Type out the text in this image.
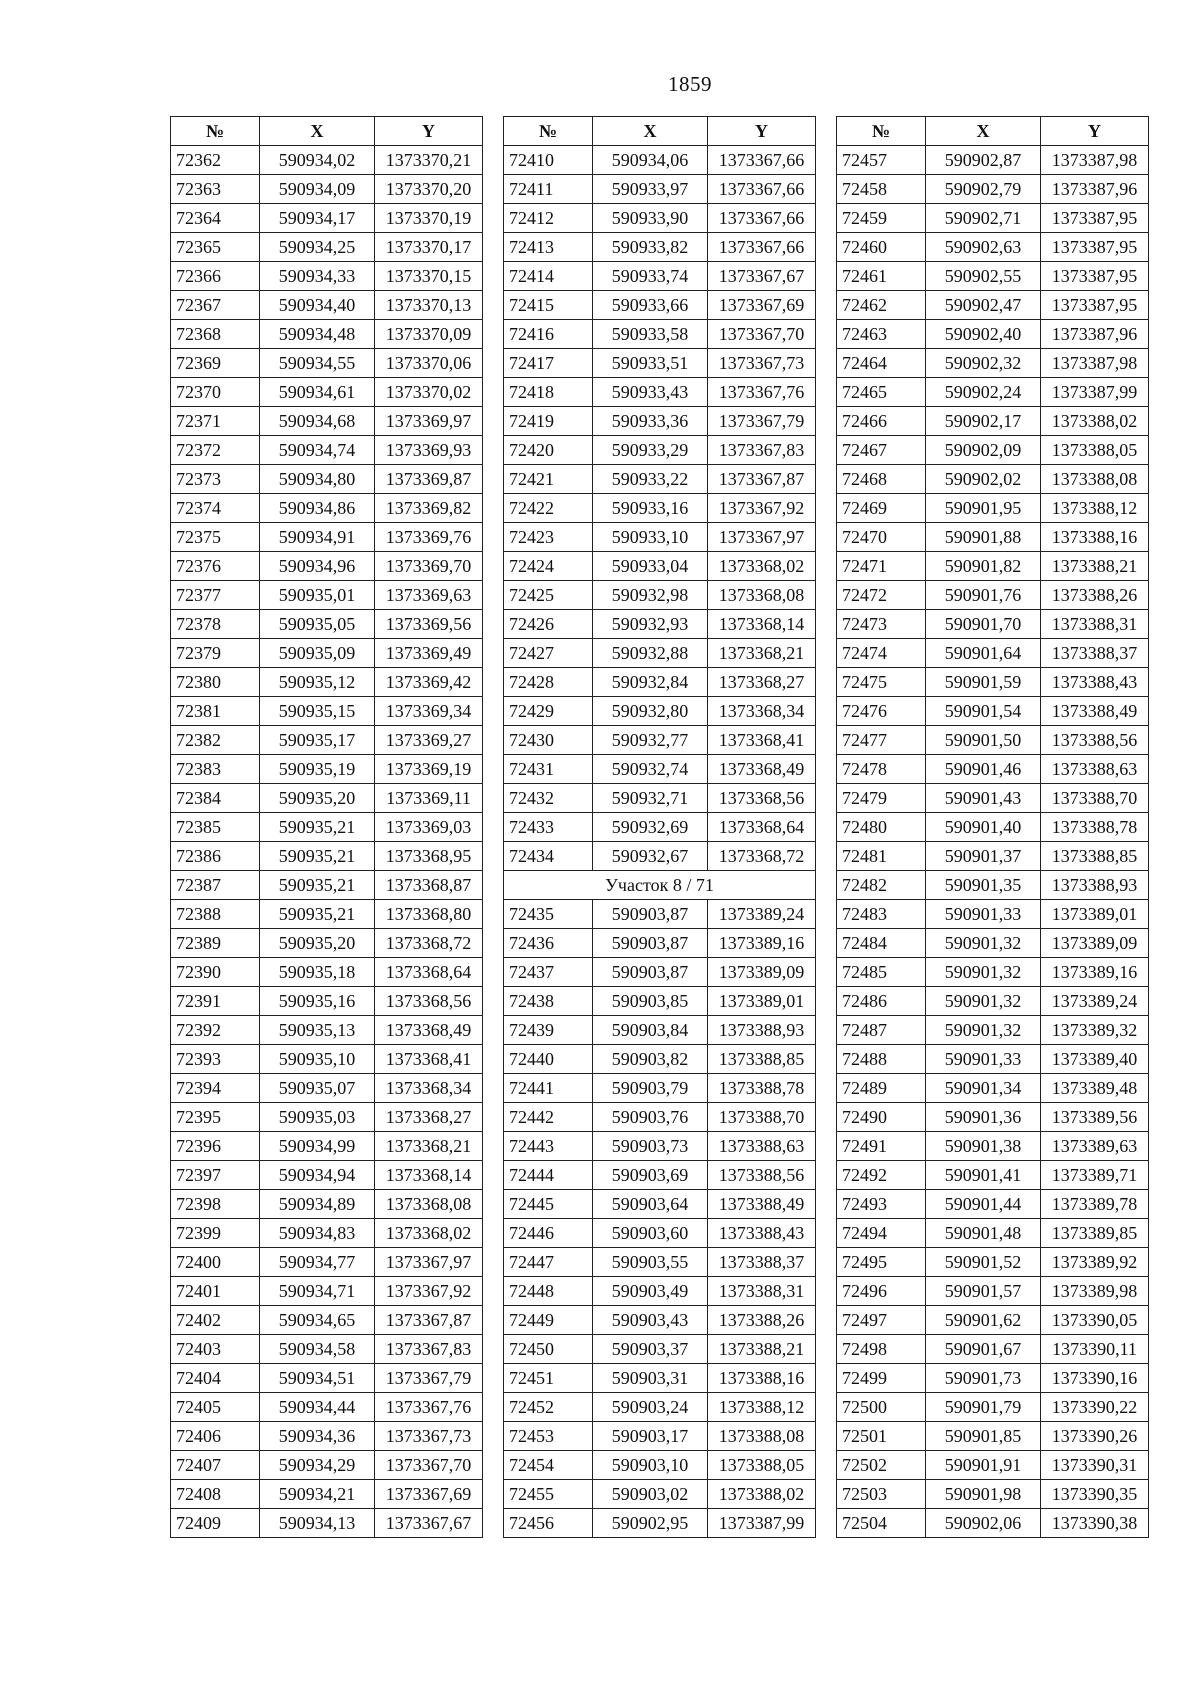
1859
№	X	Y
72362	590934,02	1373370,21
72363	590934,09	1373370,20
72364	590934,17	1373370,19
72365	590934,25	1373370,17
72366	590934,33	1373370,15
72367	590934,40	1373370,13
72368	590934,48	1373370,09
72369	590934,55	1373370,06
72370	590934,61	1373370,02
72371	590934,68	1373369,97
72372	590934,74	1373369,93
72373	590934,80	1373369,87
72374	590934,86	1373369,82
72375	590934,91	1373369,76
72376	590934,96	1373369,70
72377	590935,01	1373369,63
72378	590935,05	1373369,56
72379	590935,09	1373369,49
72380	590935,12	1373369,42
72381	590935,15	1373369,34
72382	590935,17	1373369,27
72383	590935,19	1373369,19
72384	590935,20	1373369,11
72385	590935,21	1373369,03
72386	590935,21	1373368,95
72387	590935,21	1373368,87
72388	590935,21	1373368,80
72389	590935,20	1373368,72
72390	590935,18	1373368,64
72391	590935,16	1373368,56
72392	590935,13	1373368,49
72393	590935,10	1373368,41
72394	590935,07	1373368,34
72395	590935,03	1373368,27
72396	590934,99	1373368,21
72397	590934,94	1373368,14
72398	590934,89	1373368,08
72399	590934,83	1373368,02
72400	590934,77	1373367,97
72401	590934,71	1373367,92
72402	590934,65	1373367,87
72403	590934,58	1373367,83
72404	590934,51	1373367,79
72405	590934,44	1373367,76
72406	590934,36	1373367,73
72407	590934,29	1373367,70
72408	590934,21	1373367,69
72409	590934,13	1373367,67
№	X	Y
72410	590934,06	1373367,66
72411	590933,97	1373367,66
72412	590933,90	1373367,66
72413	590933,82	1373367,66
72414	590933,74	1373367,67
72415	590933,66	1373367,69
72416	590933,58	1373367,70
72417	590933,51	1373367,73
72418	590933,43	1373367,76
72419	590933,36	1373367,79
72420	590933,29	1373367,83
72421	590933,22	1373367,87
72422	590933,16	1373367,92
72423	590933,10	1373367,97
72424	590933,04	1373368,02
72425	590932,98	1373368,08
72426	590932,93	1373368,14
72427	590932,88	1373368,21
72428	590932,84	1373368,27
72429	590932,80	1373368,34
72430	590932,77	1373368,41
72431	590932,74	1373368,49
72432	590932,71	1373368,56
72433	590932,69	1373368,64
72434	590932,67	1373368,72
Участок 8 / 71		
72435	590903,87	1373389,24
72436	590903,87	1373389,16
72437	590903,87	1373389,09
72438	590903,85	1373389,01
72439	590903,84	1373388,93
72440	590903,82	1373388,85
72441	590903,79	1373388,78
72442	590903,76	1373388,70
72443	590903,73	1373388,63
72444	590903,69	1373388,56
72445	590903,64	1373388,49
72446	590903,60	1373388,43
72447	590903,55	1373388,37
72448	590903,49	1373388,31
72449	590903,43	1373388,26
72450	590903,37	1373388,21
72451	590903,31	1373388,16
72452	590903,24	1373388,12
72453	590903,17	1373388,08
72454	590903,10	1373388,05
72455	590903,02	1373388,02
72456	590902,95	1373387,99
№	X	Y
72457	590902,87	1373387,98
72458	590902,79	1373387,96
72459	590902,71	1373387,95
72460	590902,63	1373387,95
72461	590902,55	1373387,95
72462	590902,47	1373387,95
72463	590902,40	1373387,96
72464	590902,32	1373387,98
72465	590902,24	1373387,99
72466	590902,17	1373388,02
72467	590902,09	1373388,05
72468	590902,02	1373388,08
72469	590901,95	1373388,12
72470	590901,88	1373388,16
72471	590901,82	1373388,21
72472	590901,76	1373388,26
72473	590901,70	1373388,31
72474	590901,64	1373388,37
72475	590901,59	1373388,43
72476	590901,54	1373388,49
72477	590901,50	1373388,56
72478	590901,46	1373388,63
72479	590901,43	1373388,70
72480	590901,40	1373388,78
72481	590901,37	1373388,85
72482	590901,35	1373388,93
72483	590901,33	1373389,01
72484	590901,32	1373389,09
72485	590901,32	1373389,16
72486	590901,32	1373389,24
72487	590901,32	1373389,32
72488	590901,33	1373389,40
72489	590901,34	1373389,48
72490	590901,36	1373389,56
72491	590901,38	1373389,63
72492	590901,41	1373389,71
72493	590901,44	1373389,78
72494	590901,48	1373389,85
72495	590901,52	1373389,92
72496	590901,57	1373389,98
72497	590901,62	1373390,05
72498	590901,67	1373390,11
72499	590901,73	1373390,16
72500	590901,79	1373390,22
72501	590901,85	1373390,26
72502	590901,91	1373390,31
72503	590901,98	1373390,35
72504	590902,06	1373390,38
